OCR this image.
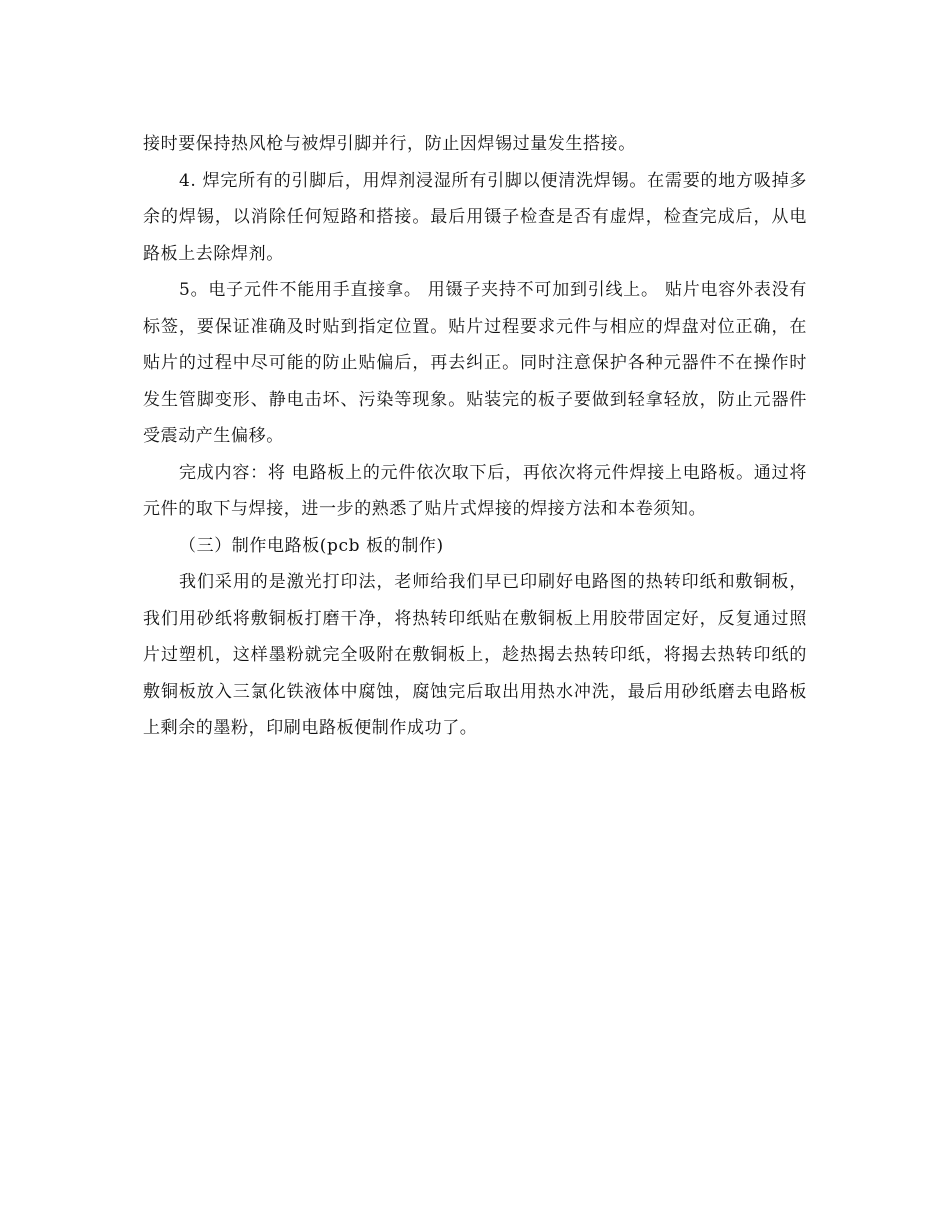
接时要保持热风枪与被焊引脚并行，防止因焊锡过量发生搭接。

4. 焊完所有的引脚后，用焊剂浸湿所有引脚以便清洗焊锡。在需要的地方吸掉多余的焊锡，以消除任何短路和搭接。最后用镊子检查是否有虚焊，检查完成后，从电路板上去除焊剂。

5。电子元件不能用手直接拿。 用镊子夹持不可加到引线上。 贴片电容外表没有标签，要保证准确及时贴到指定位置。贴片过程要求元件与相应的焊盘对位正确，在贴片的过程中尽可能的防止贴偏后，再去纠正。同时注意保护各种元器件不在操作时发生管脚变形、静电击坏、污染等现象。贴装完的板子要做到轻拿轻放，防止元器件受震动产生偏移。

完成内容：将 电路板上的元件依次取下后，再依次将元件焊接上电路板。通过将元件的取下与焊接，进一步的熟悉了贴片式焊接的焊接方法和本卷须知。

（三）制作电路板(pcb 板的制作)

我们采用的是激光打印法，老师给我们早已印刷好电路图的热转印纸和敷铜板，我们用砂纸将敷铜板打磨干净，将热转印纸贴在敷铜板上用胶带固定好，反复通过照片过塑机，这样墨粉就完全吸附在敷铜板上，趁热揭去热转印纸，将揭去热转印纸的敷铜板放入三氯化铁液体中腐蚀，腐蚀完后取出用热水冲洗，最后用砂纸磨去电路板上剩余的墨粉，印刷电路板便制作成功了。
